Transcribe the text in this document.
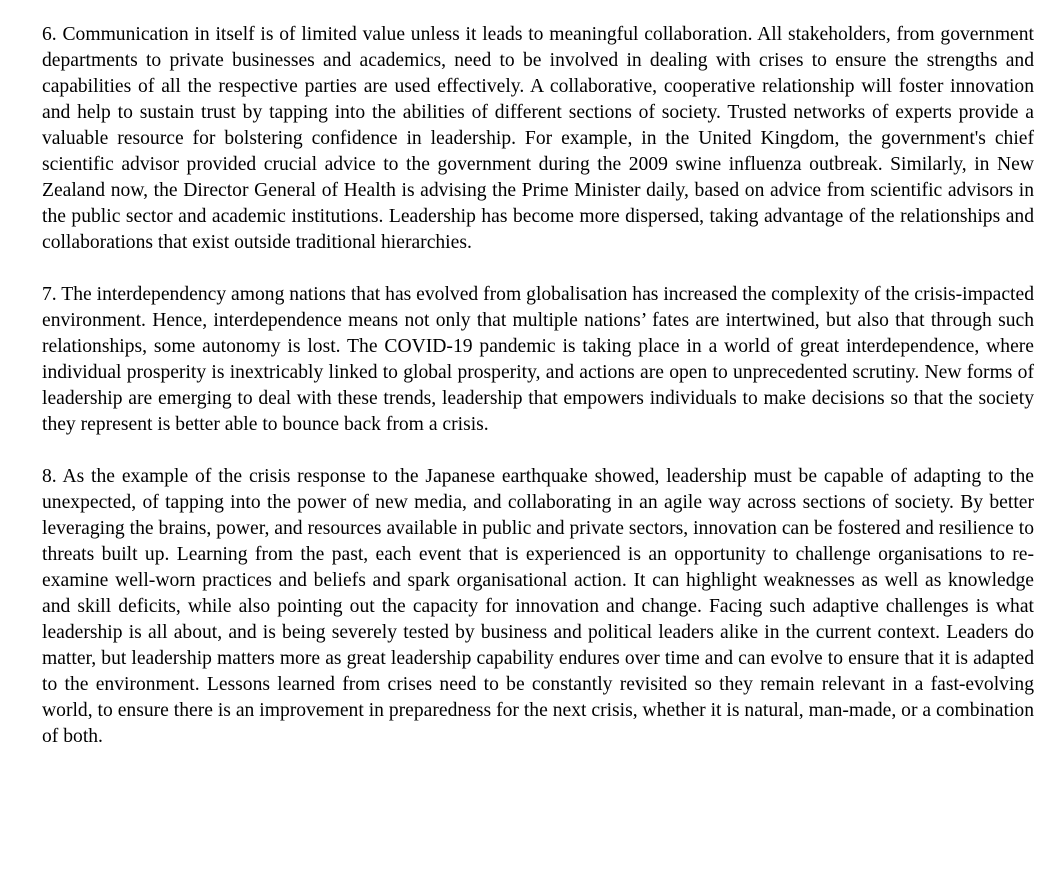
6. Communication in itself is of limited value unless it leads to meaningful collaboration. All stakeholders, from government departments to private businesses and academics, need to be involved in dealing with crises to ensure the strengths and capabilities of all the respective parties are used effectively. A collaborative, cooperative relationship will foster innovation and help to sustain trust by tapping into the abilities of different sections of society. Trusted networks of experts provide a valuable resource for bolstering confidence in leadership. For example, in the United Kingdom, the government's chief scientific advisor provided crucial advice to the government during the 2009 swine influenza outbreak. Similarly, in New Zealand now, the Director General of Health is advising the Prime Minister daily, based on advice from scientific advisors in the public sector and academic institutions. Leadership has become more dispersed, taking advantage of the relationships and collaborations that exist outside traditional hierarchies.

7. The interdependency among nations that has evolved from globalisation has increased the complexity of the crisis-impacted environment. Hence, interdependence means not only that multiple nations’ fates are intertwined, but also that through such relationships, some autonomy is lost. The COVID-19 pandemic is taking place in a world of great interdependence, where individual prosperity is inextricably linked to global prosperity, and actions are open to unprecedented scrutiny. New forms of leadership are emerging to deal with these trends, leadership that empowers individuals to make decisions so that the society they represent is better able to bounce back from a crisis.

8. As the example of the crisis response to the Japanese earthquake showed, leadership must be capable of adapting to the unexpected, of tapping into the power of new media, and collaborating in an agile way across sections of society. By better leveraging the brains, power, and resources available in public and private sectors, innovation can be fostered and resilience to threats built up. Learning from the past, each event that is experienced is an opportunity to challenge organisations to re-examine well-worn practices and beliefs and spark organisational action. It can highlight weaknesses as well as knowledge and skill deficits, while also pointing out the capacity for innovation and change. Facing such adaptive challenges is what leadership is all about, and is being severely tested by business and political leaders alike in the current context. Leaders do matter, but leadership matters more as great leadership capability endures over time and can evolve to ensure that it is adapted to the environment. Lessons learned from crises need to be constantly revisited so they remain relevant in a fast-evolving world, to ensure there is an improvement in preparedness for the next crisis, whether it is natural, man-made, or a combination of both.
